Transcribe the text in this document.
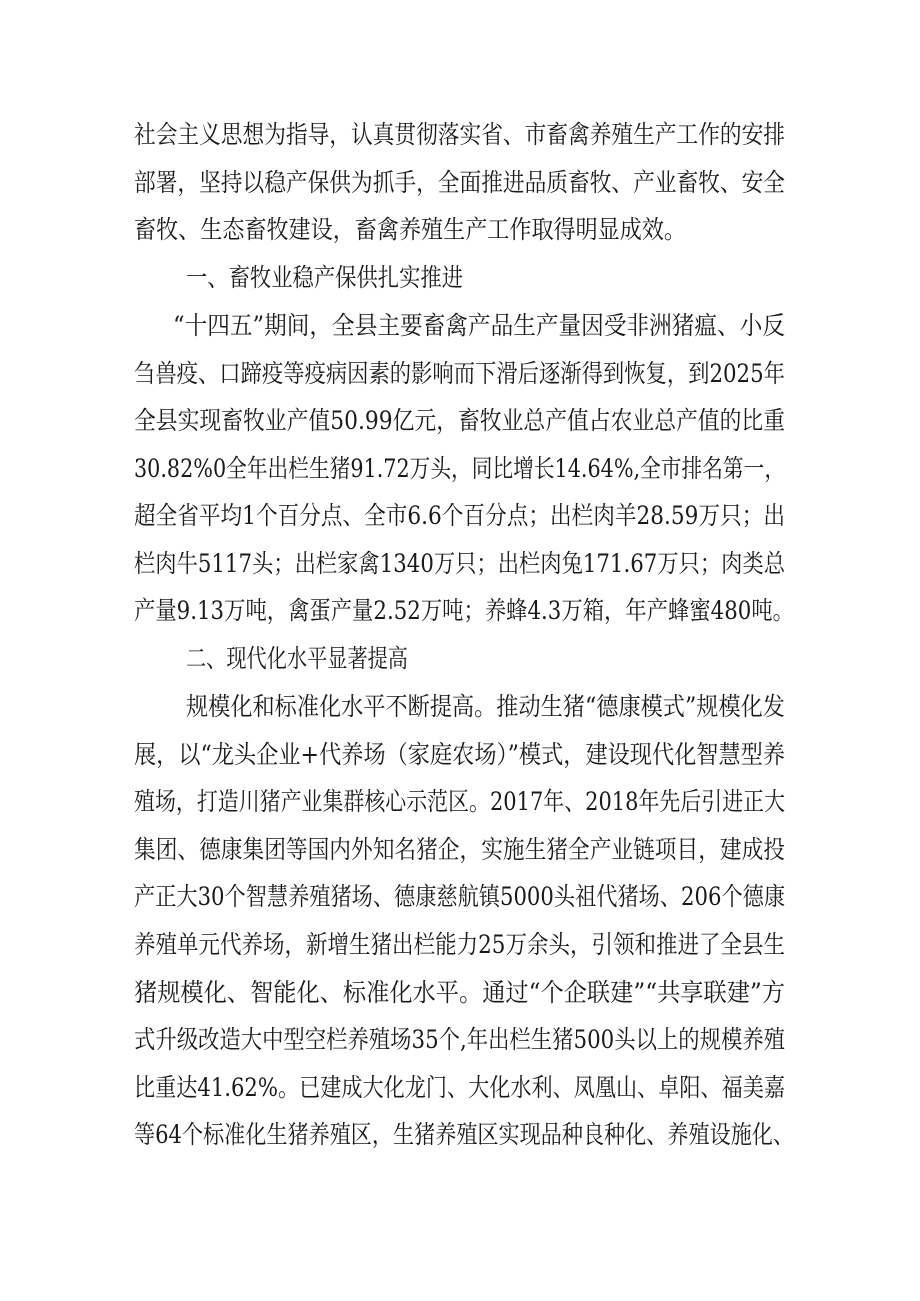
社会主义思想为指导，认真贯彻落实省、市畜禽养殖生产工作的安排
部署，坚持以稳产保供为抓手，全面推进品质畜牧、产业畜牧、安全
畜牧、生态畜牧建设，畜禽养殖生产工作取得明显成效。
一、畜牧业稳产保供扎实推进
“十四五”期间，全县主要畜禽产品生产量因受非洲猪瘟、小反
刍兽疫、口蹄疫等疫病因素的影响而下滑后逐渐得到恢复，到2025年
全县实现畜牧业产值50.99亿元，畜牧业总产值占农业总产值的比重
30.82%0全年出栏生猪91.72万头，同比增长14.64%,全市排名第一，
超全省平均1个百分点、全市6.6个百分点；出栏肉羊28.59万只；出
栏肉牛5117头；出栏家禽1340万只；出栏肉兔171.67万只；肉类总
产量9.13万吨，禽蛋产量2.52万吨；养蜂4.3万箱，年产蜂蜜480吨。
二、现代化水平显著提高
规模化和标准化水平不断提高。推动生猪“德康模式”规模化发
展，以“龙头企业+代养场（家庭农场）”模式，建设现代化智慧型养
殖场，打造川猪产业集群核心示范区。2017年、2018年先后引进正大
集团、德康集团等国内外知名猪企，实施生猪全产业链项目，建成投
产正大30个智慧养殖猪场、德康慈航镇5000头祖代猪场、206个德康
养殖单元代养场，新增生猪出栏能力25万余头，引领和推进了全县生
猪规模化、智能化、标准化水平。通过“个企联建”“共享联建”方
式升级改造大中型空栏养殖场35个,年出栏生猪500头以上的规模养殖
比重达41.62%。已建成大化龙门、大化水利、凤凰山、卓阳、福美嘉
等64个标准化生猪养殖区，生猪养殖区实现品种良种化、养殖设施化、
